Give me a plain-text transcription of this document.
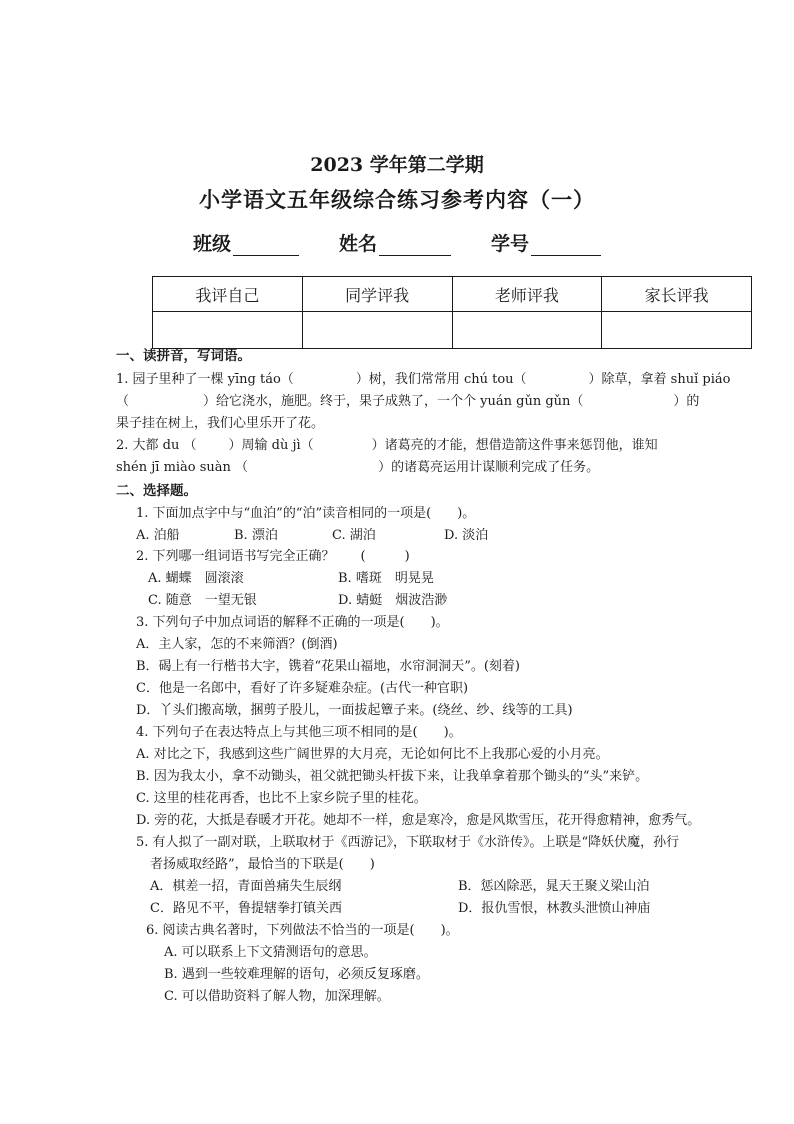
2023 学年第二学期
小学语文五年级综合练习参考内容（一）
班级	姓名	学号
我评自己	同学评我	老师评我	家长评我

一、读拼音，写词语。
1. 园子里种了一棵 yīng táo（	）树，我们常常用 chú tou（	）除草，拿着 shuǐ piáo
（	）给它浇水，施肥。终于，果子成熟了，一个个 yuán gǔn gǔn（	）的
果子挂在树上，我们心里乐开了花。
2. 大都 du （ ）周输 dù jì（	）诸葛亮的才能，想借造箭这件事来惩罚他，谁知
shén jī miào suàn （	）的诸葛亮运用计谋顺利完成了任务。
二、选择题。
1. 下面加点字中与“血泊”的“泊”读音相同的一项是(　　)。
A. 泊船	B. 漂泊	C. 湖泊	D. 淡泊
2. 下列哪一组词语书写完全正确？　　(　　　)
A. 蝴蝶　圆滚滚	B. 嗜斑　明晃晃
C. 随意　一望无银	D. 蜻蜓　烟波浩渺
3. 下列句子中加点词语的解释不正确的一项是(　　)。
A．主人家，怎的不来筛酒？(倒酒)
B．碣上有一行楷书大字，镌着“花果山福地，水帘洞洞天”。(刻着)
C．他是一名郎中，看好了许多疑难杂症。(古代一种官职)
D．丫头们搬高墩，捆剪子股儿，一面拔起簟子来。(绕丝、纱、线等的工具)
4. 下列句子在表达特点上与其他三项不相同的是(　　)。
A. 对比之下，我感到这些广阔世界的大月亮，无论如何比不上我那心爱的小月亮。
B. 因为我太小，拿不动锄头，祖父就把锄头杆拔下来，让我单拿着那个锄头的“头”来铲。
C. 这里的桂花再香，也比不上家乡院子里的桂花。
D. 旁的花，大抵是春暖才开花。她却不一样，愈是寒冷，愈是风欺雪压，花开得愈精神，愈秀气。
5. 有人拟了一副对联，上联取材于《西游记》，下联取材于《水浒传》。上联是“降妖伏魔，孙行
者扬威取经路”，最恰当的下联是(　　)
A．棋差一招，青面兽痛失生辰纲	B．惩凶除恶，晁天王聚义梁山泊
C．路见不平，鲁提辖拳打镇关西	D．报仇雪恨，林教头泄愤山神庙
6. 阅读古典名著时，下列做法不恰当的一项是(　　)。
A. 可以联系上下文猜测语句的意思。
B. 遇到一些较难理解的语句，必须反复琢磨。
C. 可以借助资料了解人物，加深理解。
